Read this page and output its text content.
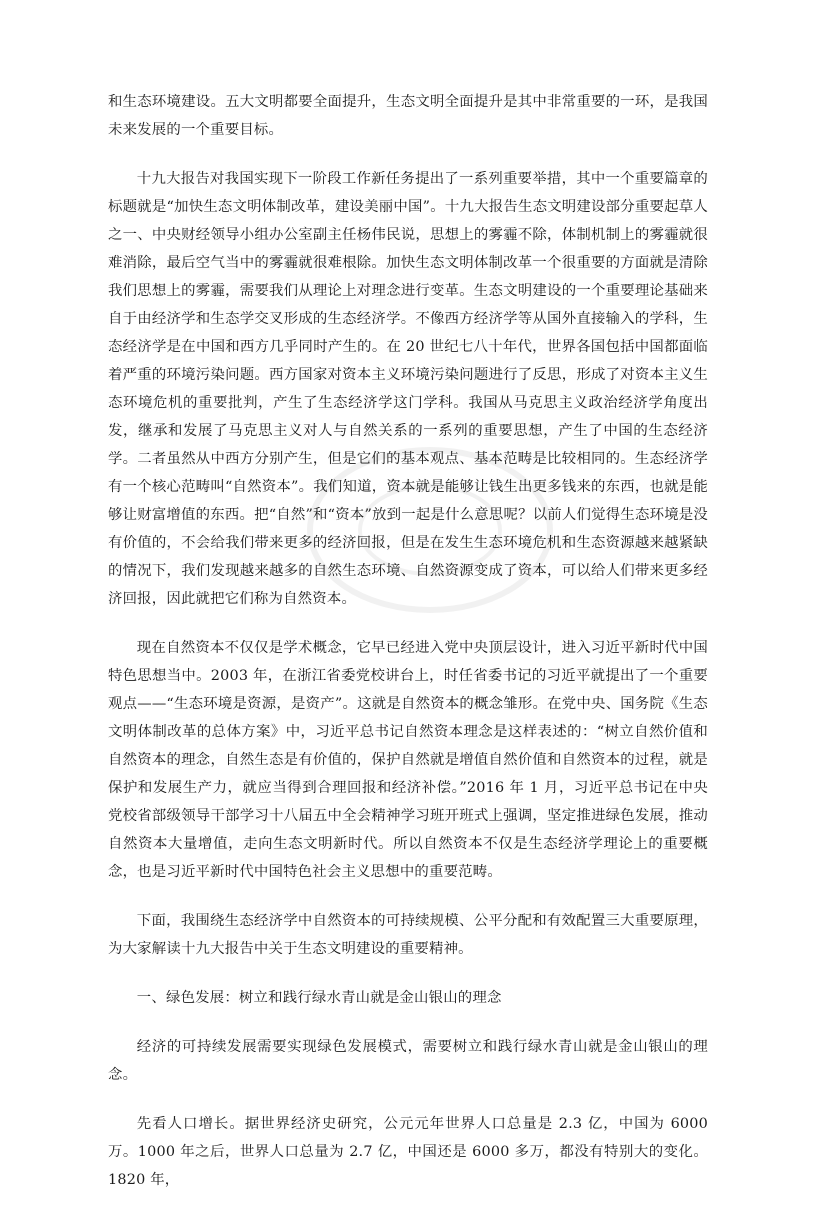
和生态环境建设。五大文明都要全面提升，生态文明全面提升是其中非常重要的一环，是我国未来发展的一个重要目标。

十九大报告对我国实现下一阶段工作新任务提出了一系列重要举措，其中一个重要篇章的标题就是“加快生态文明体制改革，建设美丽中国”。十九大报告生态文明建设部分重要起草人之一、中央财经领导小组办公室副主任杨伟民说，思想上的雾霾不除，体制机制上的雾霾就很难消除，最后空气当中的雾霾就很难根除。加快生态文明体制改革一个很重要的方面就是清除我们思想上的雾霾，需要我们从理论上对理念进行变革。生态文明建设的一个重要理论基础来自于由经济学和生态学交叉形成的生态经济学。不像西方经济学等从国外直接输入的学科，生态经济学是在中国和西方几乎同时产生的。在 20 世纪七八十年代，世界各国包括中国都面临着严重的环境污染问题。西方国家对资本主义环境污染问题进行了反思，形成了对资本主义生态环境危机的重要批判，产生了生态经济学这门学科。我国从马克思主义政治经济学角度出发，继承和发展了马克思主义对人与自然关系的一系列的重要思想，产生了中国的生态经济学。二者虽然从中西方分别产生，但是它们的基本观点、基本范畴是比较相同的。生态经济学有一个核心范畴叫“自然资本”。我们知道，资本就是能够让钱生出更多钱来的东西，也就是能够让财富增值的东西。把“自然”和“资本”放到一起是什么意思呢？以前人们觉得生态环境是没有价值的，不会给我们带来更多的经济回报，但是在发生生态环境危机和生态资源越来越紧缺的情况下，我们发现越来越多的自然生态环境、自然资源变成了资本，可以给人们带来更多经济回报，因此就把它们称为自然资本。

现在自然资本不仅仅是学术概念，它早已经进入党中央顶层设计，进入习近平新时代中国特色思想当中。2003 年，在浙江省委党校讲台上，时任省委书记的习近平就提出了一个重要观点——“生态环境是资源，是资产”。这就是自然资本的概念雏形。在党中央、国务院《生态文明体制改革的总体方案》中，习近平总书记自然资本理念是这样表述的：“树立自然价值和自然资本的理念，自然生态是有价值的，保护自然就是增值自然价值和自然资本的过程，就是保护和发展生产力，就应当得到合理回报和经济补偿。”2016 年 1 月，习近平总书记在中央党校省部级领导干部学习十八届五中全会精神学习班开班式上强调，坚定推进绿色发展，推动自然资本大量增值，走向生态文明新时代。所以自然资本不仅是生态经济学理论上的重要概念，也是习近平新时代中国特色社会主义思想中的重要范畴。

下面，我围绕生态经济学中自然资本的可持续规模、公平分配和有效配置三大重要原理，为大家解读十九大报告中关于生态文明建设的重要精神。

一、绿色发展：树立和践行绿水青山就是金山银山的理念

经济的可持续发展需要实现绿色发展模式，需要树立和践行绿水青山就是金山银山的理念。

先看人口增长。据世界经济史研究，公元元年世界人口总量是 2.3 亿，中国为 6000 万。1000 年之后，世界人口总量为 2.7 亿，中国还是 6000 多万，都没有特别大的变化。1820 年，
